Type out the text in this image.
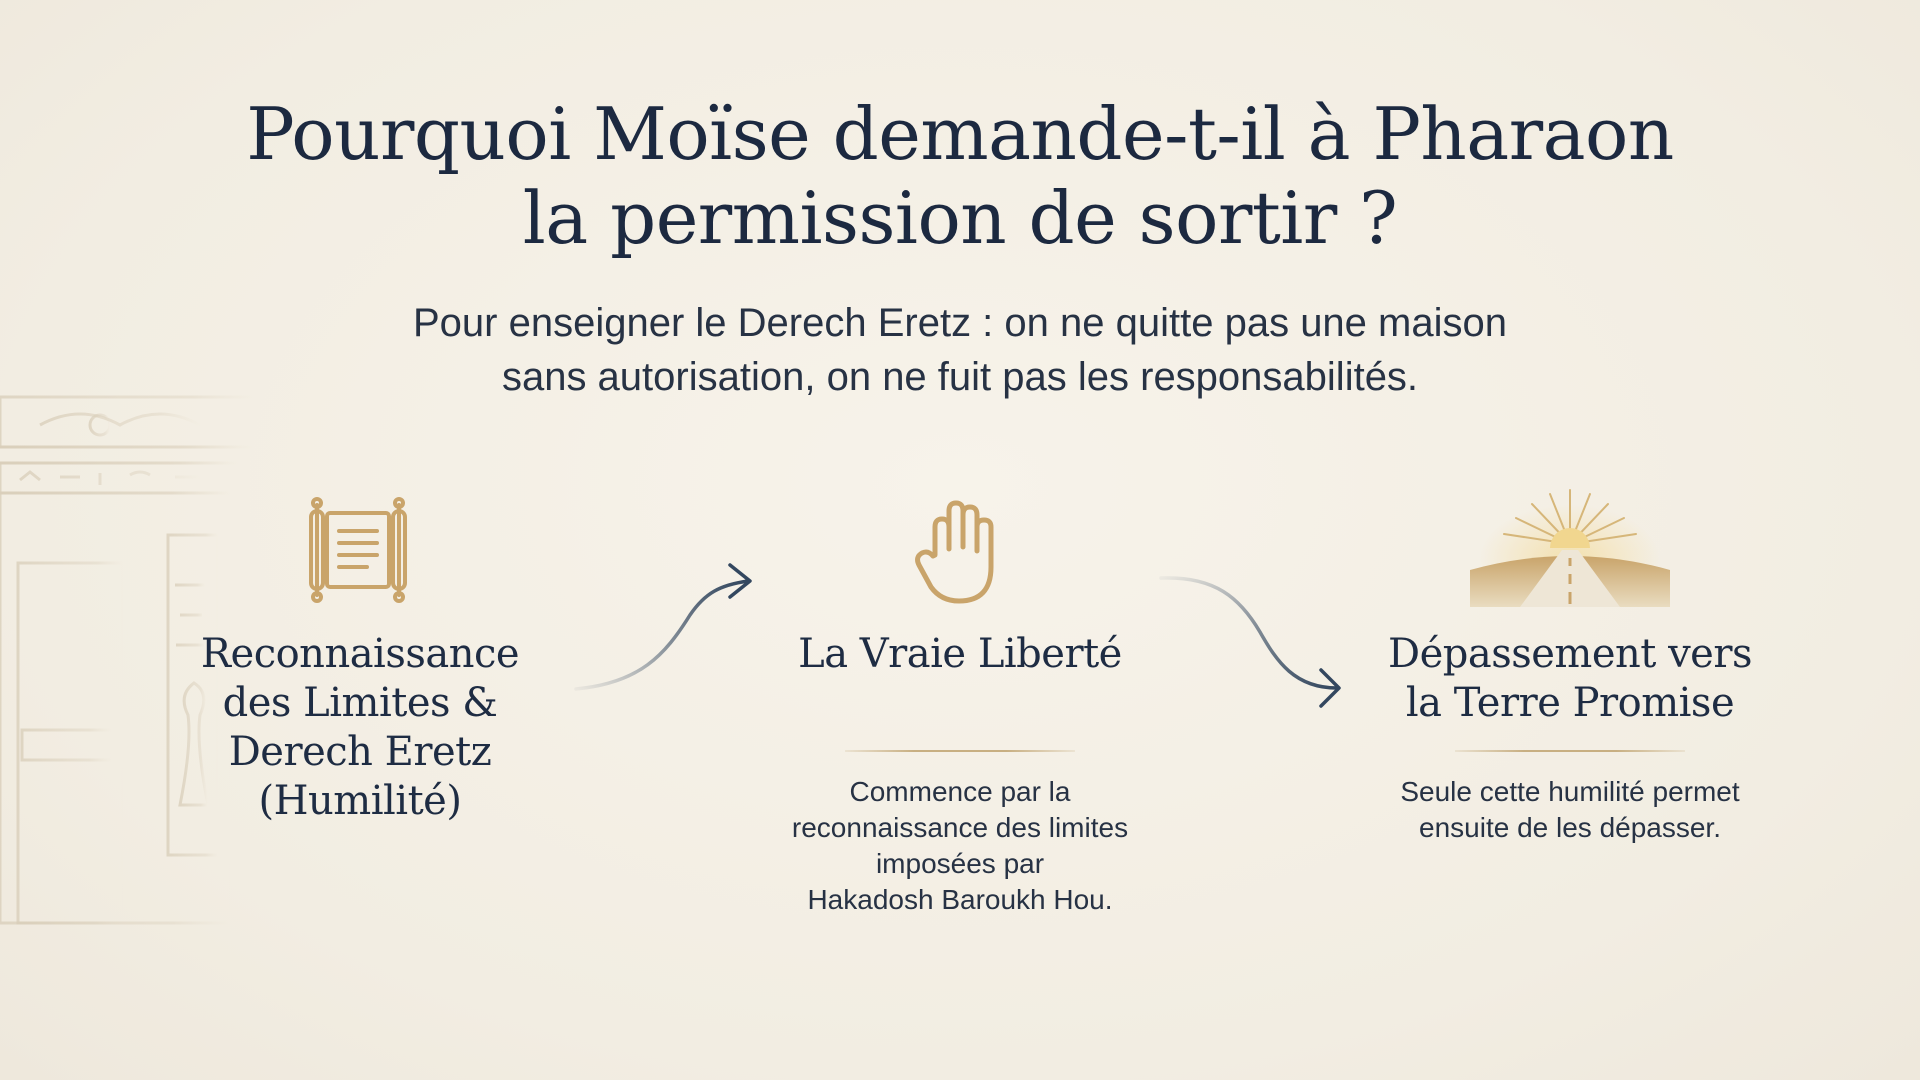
Pourquoi Moïse demande-t-il à Pharaon
la permission de sortir ?

Pour enseigner le Derech Eretz : on ne quitte pas une maison
sans autorisation, on ne fuit pas les responsabilités.

Reconnaissance
des Limites &
Derech Eretz
(Humilité)
La Vraie Liberté

Commence par la
reconnaissance des limites
imposées par
Hakadosh Baroukh Hou.

Dépassement vers
la Terre Promise

Seule cette humilité permet
ensuite de les dépasser.
